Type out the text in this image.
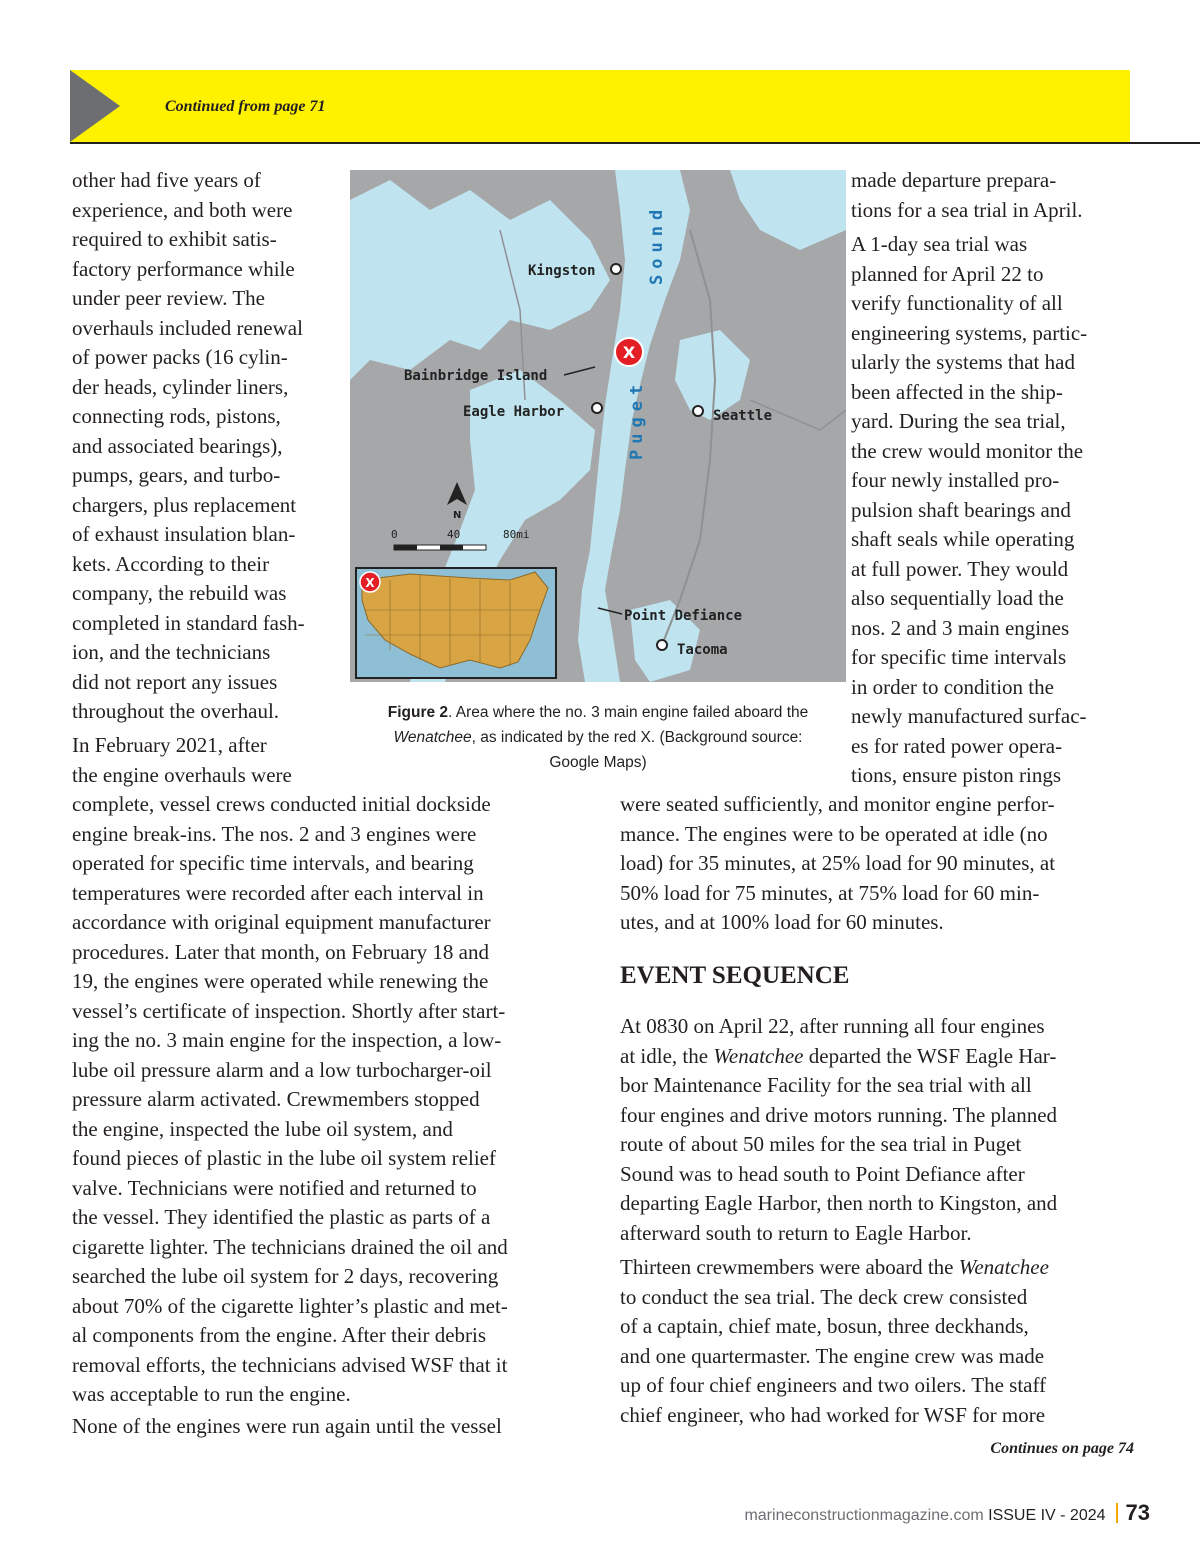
Continued from page 71
other had five years of
experience, and both were
required to exhibit satis-
factory performance while
under peer review. The
overhauls included renewal
of power packs (16 cylin-
der heads, cylinder liners,
connecting rods, pistons,
and associated bearings),
pumps, gears, and turbo-
chargers, plus replacement
of exhaust insulation blan-
kets. According to their
company, the rebuild was
completed in standard fash-
ion, and the technicians
did not report any issues
throughout the overhaul.
In February 2021, after
the engine overhauls were
complete, vessel crews conducted initial dockside
engine break-ins. The nos. 2 and 3 engines were
operated for specific time intervals, and bearing
temperatures were recorded after each interval in
accordance with original equipment manufacturer
procedures. Later that month, on February 18 and
19, the engines were operated while renewing the
vessel’s certificate of inspection. Shortly after start-
ing the no. 3 main engine for the inspection, a low-
lube oil pressure alarm and a low turbocharger-oil
pressure alarm activated. Crewmembers stopped
the engine, inspected the lube oil system, and
found pieces of plastic in the lube oil system relief
valve. Technicians were notified and returned to
the vessel. They identified the plastic as parts of a
cigarette lighter. The technicians drained the oil and
searched the lube oil system for 2 days, recovering
about 70% of the cigarette lighter’s plastic and met-
al components from the engine. After their debris
removal efforts, the technicians advised WSF that it
was acceptable to run the engine.
None of the engines were run again until the vessel
made departure prepara-
tions for a sea trial in April.
A 1-day sea trial was
planned for April 22 to
verify functionality of all
engineering systems, partic-
ularly the systems that had
been affected in the ship-
yard. During the sea trial,
the crew would monitor the
four newly installed pro-
pulsion shaft bearings and
shaft seals while operating
at full power. They would
also sequentially load the
nos. 2 and 3 main engines
for specific time intervals
in order to condition the
newly manufactured surfac-
es for rated power opera-
tions, ensure piston rings
were seated sufficiently, and monitor engine perfor-
mance. The engines were to be operated at idle (no
load) for 35 minutes, at 25% load for 90 minutes, at
50% load for 75 minutes, at 75% load for 60 min-
utes, and at 100% load for 60 minutes.
EVENT SEQUENCE
At 0830 on April 22, after running all four engines
at idle, the Wenatchee departed the WSF Eagle Har-
bor Maintenance Facility for the sea trial with all
four engines and drive motors running. The planned
route of about 50 miles for the sea trial in Puget
Sound was to head south to Point Defiance after
departing Eagle Harbor, then north to Kingston, and
afterward south to return to Eagle Harbor.
Thirteen crewmembers were aboard the Wenatchee
to conduct the sea trial. The deck crew consisted
of a captain, chief mate, bosun, three deckhands,
and one quartermaster. The engine crew was made
up of four chief engineers and two oilers. The staff
chief engineer, who had worked for WSF for more
Kingston
Bainbridge Island
Eagle Harbor	Seattle
Point Defiance
Tacoma
Sound
Puget
X
N
0	40	80mi
X

Figure 2. Area where the no. 3 main engine failed aboard the
Wenatchee, as indicated by the red X. (Background source:
Google Maps)

Continues on page 74
marineconstructionmagazine.com ISSUE IV - 2024 73
